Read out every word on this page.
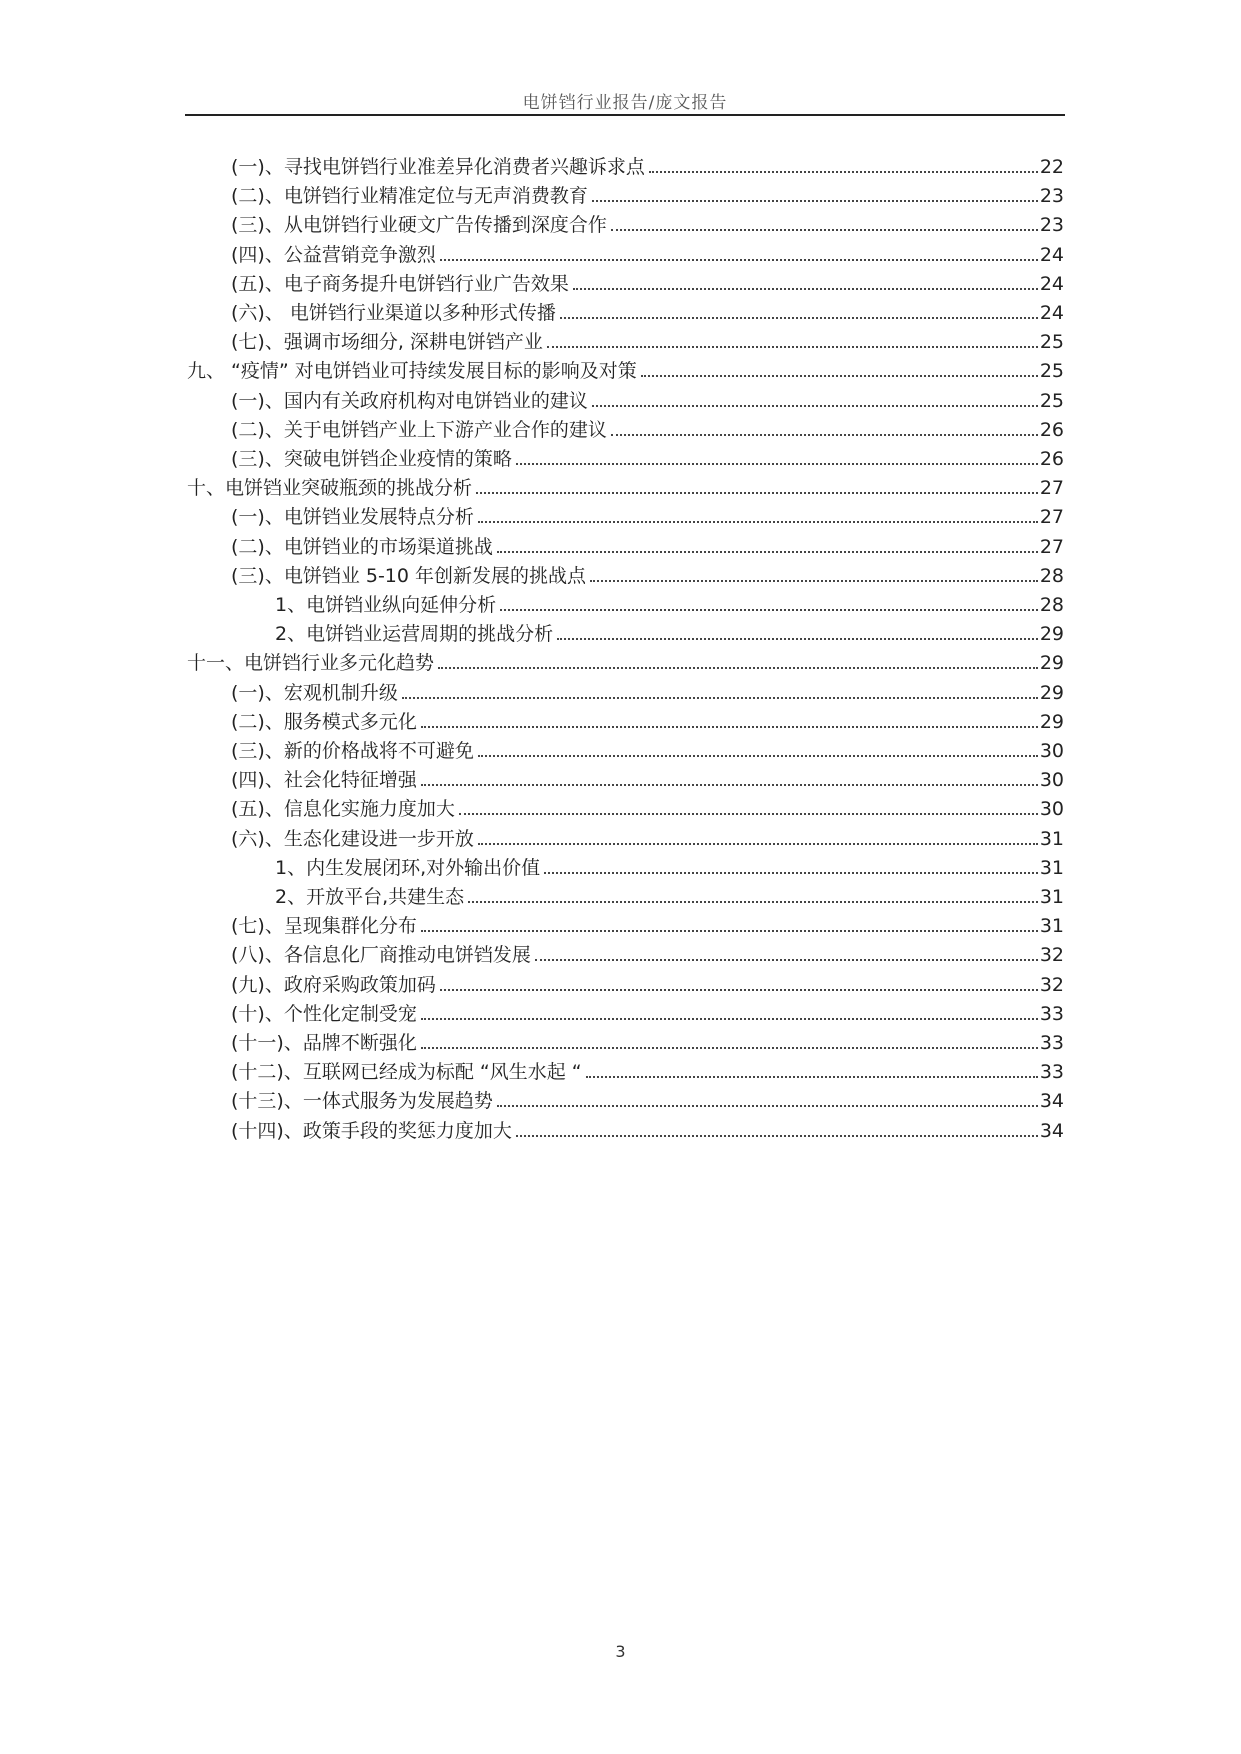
电饼铛行业报告/庞文报告
(一)、寻找电饼铛行业准差异化消费者兴趣诉求点	22
(二)、电饼铛行业精准定位与无声消费教育	23
(三)、从电饼铛行业硬文广告传播到深度合作	23
(四)、公益营销竞争激烈	24
(五)、电子商务提升电饼铛行业广告效果	24
(六)、 电饼铛行业渠道以多种形式传播	24
(七)、强调市场细分, 深耕电饼铛产业	25
九、 “疫情” 对电饼铛业可持续发展目标的影响及对策	25
(一)、国内有关政府机构对电饼铛业的建议	25
(二)、关于电饼铛产业上下游产业合作的建议	26
(三)、突破电饼铛企业疫情的策略	26
十、电饼铛业突破瓶颈的挑战分析	27
(一)、电饼铛业发展特点分析	27
(二)、电饼铛业的市场渠道挑战	27
(三)、电饼铛业 5-10 年创新发展的挑战点	28
1、电饼铛业纵向延伸分析	28
2、电饼铛业运营周期的挑战分析	29
十一、电饼铛行业多元化趋势	29
(一)、宏观机制升级	29
(二)、服务模式多元化	29
(三)、新的价格战将不可避免	30
(四)、社会化特征增强	30
(五)、信息化实施力度加大	30
(六)、生态化建设进一步开放	31
1、内生发展闭环,对外输出价值	31
2、开放平台,共建生态	31
(七)、呈现集群化分布	31
(八)、各信息化厂商推动电饼铛发展	32
(九)、政府采购政策加码	32
(十)、个性化定制受宠	33
(十一)、品牌不断强化	33
(十二)、互联网已经成为标配 “风生水起 “	33
(十三)、一体式服务为发展趋势	34
(十四)、政策手段的奖惩力度加大	34
3
